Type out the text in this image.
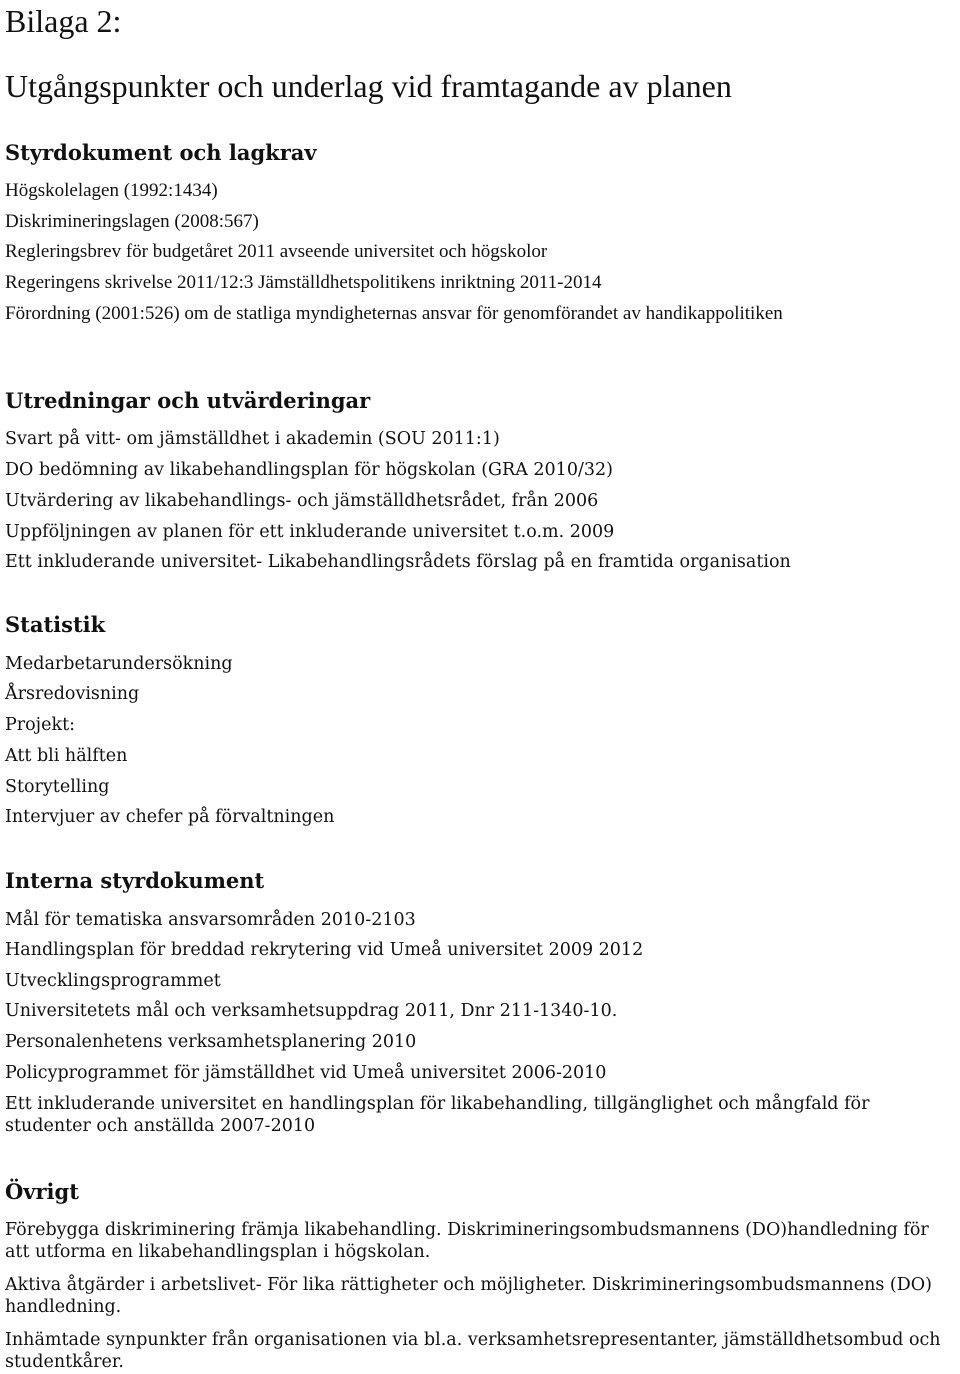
Bilaga 2:
Utgångspunkter och underlag vid framtagande av planen
Styrdokument och lagkrav
Högskolelagen (1992:1434)
Diskrimineringslagen (2008:567)
Regleringsbrev för budgetåret 2011 avseende universitet och högskolor
Regeringens skrivelse 2011/12:3 Jämställdhetspolitikens inriktning 2011-2014
Förordning (2001:526) om de statliga myndigheternas ansvar för genomförandet av handikappolitiken
Utredningar och utvärderingar
Svart på vitt- om jämställdhet i akademin (SOU 2011:1)
DO bedömning av likabehandlingsplan för högskolan (GRA 2010/32)
Utvärdering av likabehandlings- och jämställdhetsrådet, från 2006
Uppföljningen av planen för ett inkluderande universitet t.o.m. 2009
Ett inkluderande universitet- Likabehandlingsrådets förslag på en framtida organisation
Statistik
Medarbetarundersökning
Årsredovisning
Projekt:
Att bli hälften
Storytelling
Intervjuer av chefer på förvaltningen
Interna styrdokument
Mål för tematiska ansvarsområden 2010-2103
Handlingsplan för breddad rekrytering vid Umeå universitet 2009 2012
Utvecklingsprogrammet
Universitetets mål och verksamhetsuppdrag 2011, Dnr 211-1340-10.
Personalenhetens verksamhetsplanering 2010
Policyprogrammet för jämställdhet vid Umeå universitet 2006-2010
Ett inkluderande universitet en handlingsplan för likabehandling, tillgänglighet och mångfald för studenter och anställda 2007-2010
Övrigt
Förebygga diskriminering främja likabehandling. Diskrimineringsombudsmannens (DO)handledning för att utforma en likabehandlingsplan i högskolan.
Aktiva åtgärder i arbetslivet- För lika rättigheter och möjligheter. Diskrimineringsombudsmannens (DO) handledning.
Inhämtade synpunkter från organisationen via bl.a. verksamhetsrepresentanter, jämställdhetsombud och studentkårer.
